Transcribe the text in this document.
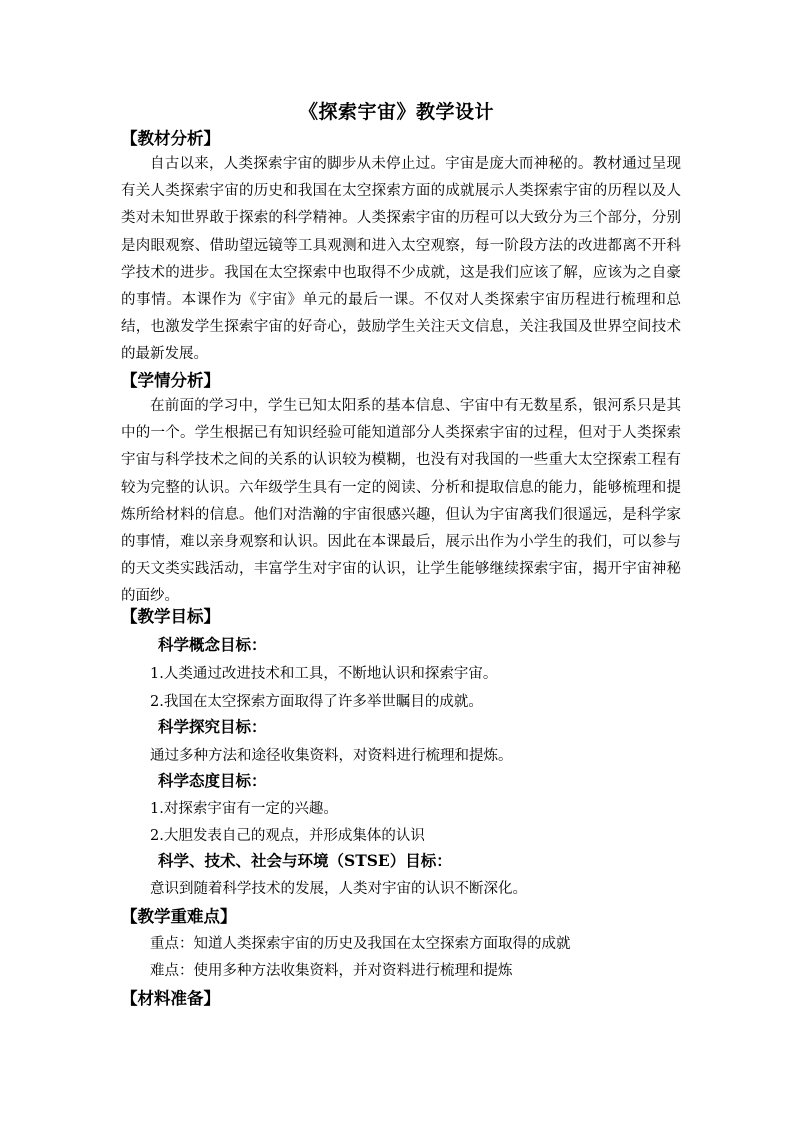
《探索宇宙》教学设计
【教材分析】

自古以来，人类探索宇宙的脚步从未停止过。宇宙是庞大而神秘的。教材通过呈现有关人类探索宇宙的历史和我国在太空探索方面的成就展示人类探索宇宙的历程以及人类对未知世界敢于探索的科学精神。人类探索宇宙的历程可以大致分为三个部分，分别是肉眼观察、借助望远镜等工具观测和进入太空观察，每一阶段方法的改进都离不开科学技术的进步。我国在太空探索中也取得不少成就，这是我们应该了解，应该为之自豪的事情。本课作为《宇宙》单元的最后一课。不仅对人类探索宇宙历程进行梳理和总结，也激发学生探索宇宙的好奇心，鼓励学生关注天文信息，关注我国及世界空间技术的最新发展。

【学情分析】

在前面的学习中，学生已知太阳系的基本信息、宇宙中有无数星系，银河系只是其中的一个。学生根据已有知识经验可能知道部分人类探索宇宙的过程，但对于人类探索宇宙与科学技术之间的关系的认识较为模糊，也没有对我国的一些重大太空探索工程有较为完整的认识。六年级学生具有一定的阅读、分析和提取信息的能力，能够梳理和提炼所给材料的信息。他们对浩瀚的宇宙很感兴趣，但认为宇宙离我们很遥远，是科学家的事情，难以亲身观察和认识。因此在本课最后，展示出作为小学生的我们，可以参与的天文类实践活动，丰富学生对宇宙的认识，让学生能够继续探索宇宙，揭开宇宙神秘的面纱。

【教学目标】
科学概念目标：
1.人类通过改进技术和工具，不断地认识和探索宇宙。
2.我国在太空探索方面取得了许多举世瞩目的成就。
科学探究目标：
通过多种方法和途径收集资料，对资料进行梳理和提炼。
科学态度目标：
1.对探索宇宙有一定的兴趣。
2.大胆发表自己的观点，并形成集体的认识
科学、技术、社会与环境（STSE）目标：
意识到随着科学技术的发展，人类对宇宙的认识不断深化。
【教学重难点】
重点：知道人类探索宇宙的历史及我国在太空探索方面取得的成就
难点：使用多种方法收集资料，并对资料进行梳理和提炼
【材料准备】
